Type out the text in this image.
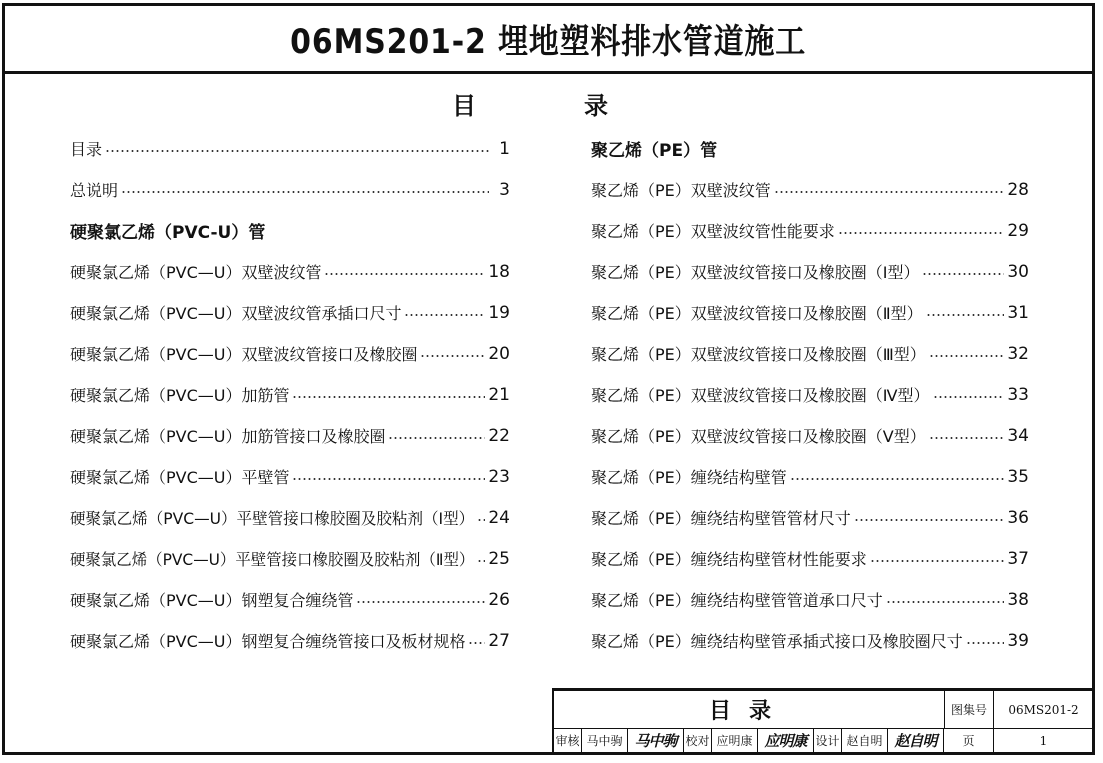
06MS201-2 埋地塑料排水管道施工
目	录
目录	1
总说明	3
硬聚氯乙烯（PVC-U）管
硬聚氯乙烯（PVC—U）双壁波纹管	18
硬聚氯乙烯（PVC—U）双壁波纹管承插口尺寸	19
硬聚氯乙烯（PVC—U）双壁波纹管接口及橡胶圈	20
硬聚氯乙烯（PVC—U）加筋管	21
硬聚氯乙烯（PVC—U）加筋管接口及橡胶圈	22
硬聚氯乙烯（PVC—U）平壁管	23
硬聚氯乙烯（PVC—U）平壁管接口橡胶圈及胶粘剂（Ⅰ型） 24
硬聚氯乙烯（PVC—U）平壁管接口橡胶圈及胶粘剂（Ⅱ型） 25
硬聚氯乙烯（PVC—U）钢塑复合缠绕管	26
硬聚氯乙烯（PVC—U）钢塑复合缠绕管接口及板材规格 27
聚乙烯（PE）管
聚乙烯（PE）双壁波纹管	28
聚乙烯（PE）双壁波纹管性能要求	29
聚乙烯（PE）双壁波纹管接口及橡胶圈（Ⅰ型）	30
聚乙烯（PE）双壁波纹管接口及橡胶圈（Ⅱ型）	31
聚乙烯（PE）双壁波纹管接口及橡胶圈（Ⅲ型）	32
聚乙烯（PE）双壁波纹管接口及橡胶圈（Ⅳ型）	33
聚乙烯（PE）双壁波纹管接口及橡胶圈（Ⅴ型）	34
聚乙烯（PE）缠绕结构壁管	35
聚乙烯（PE）缠绕结构壁管管材尺寸	36
聚乙烯（PE）缠绕结构壁管材性能要求	37
聚乙烯（PE）缠绕结构壁管管道承口尺寸	38
聚乙烯（PE）缠绕结构壁管承插式接口及橡胶圈尺寸	39
目录	图集号	06MS201-2
审核 马中驹 马中驹 校对 应明康 应明康 设计 赵自明 赵自明	页	1
